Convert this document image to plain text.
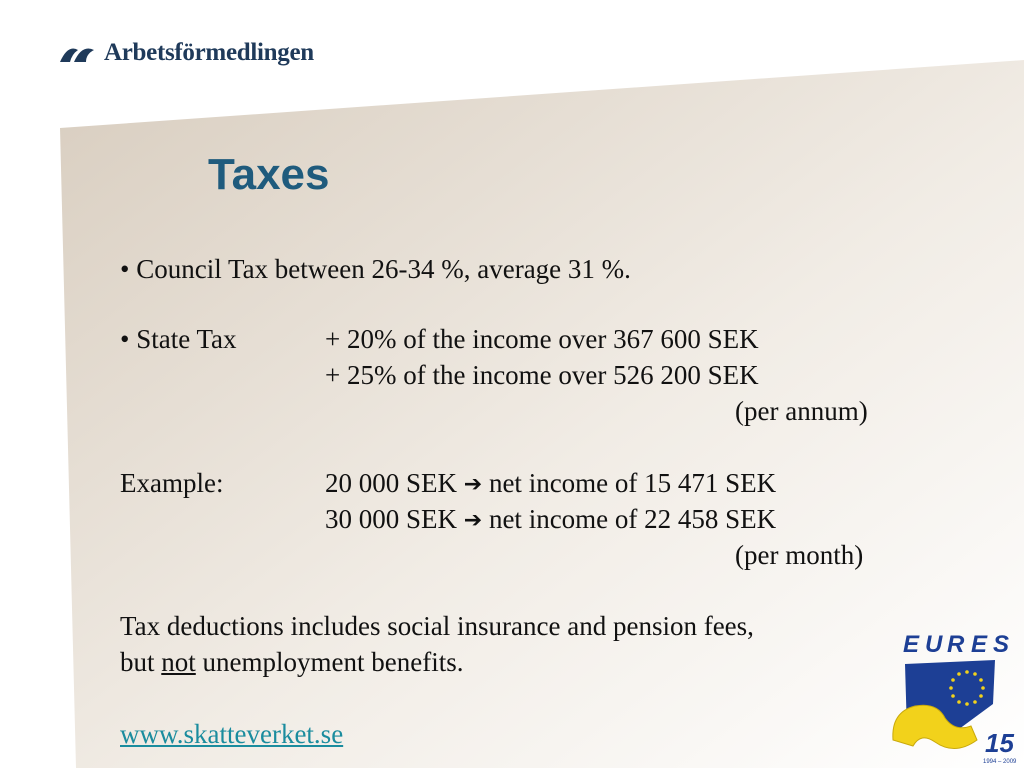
Arbetsförmedlingen
Taxes
• Council Tax between 26-34 %, average 31 %.
• State Tax	+ 20% of the income over 367 600 SEK
+ 25% of the income over 526 200 SEK
(per annum)
Example:	20 000 SEK ➔ net income of 15 471 SEK
30 000 SEK ➔ net income of 22 458 SEK
(per month)
Tax deductions includes social insurance and pension fees,
but not unemployment benefits.
www.skatteverket.se
E U R E S
15
1994 – 2009
